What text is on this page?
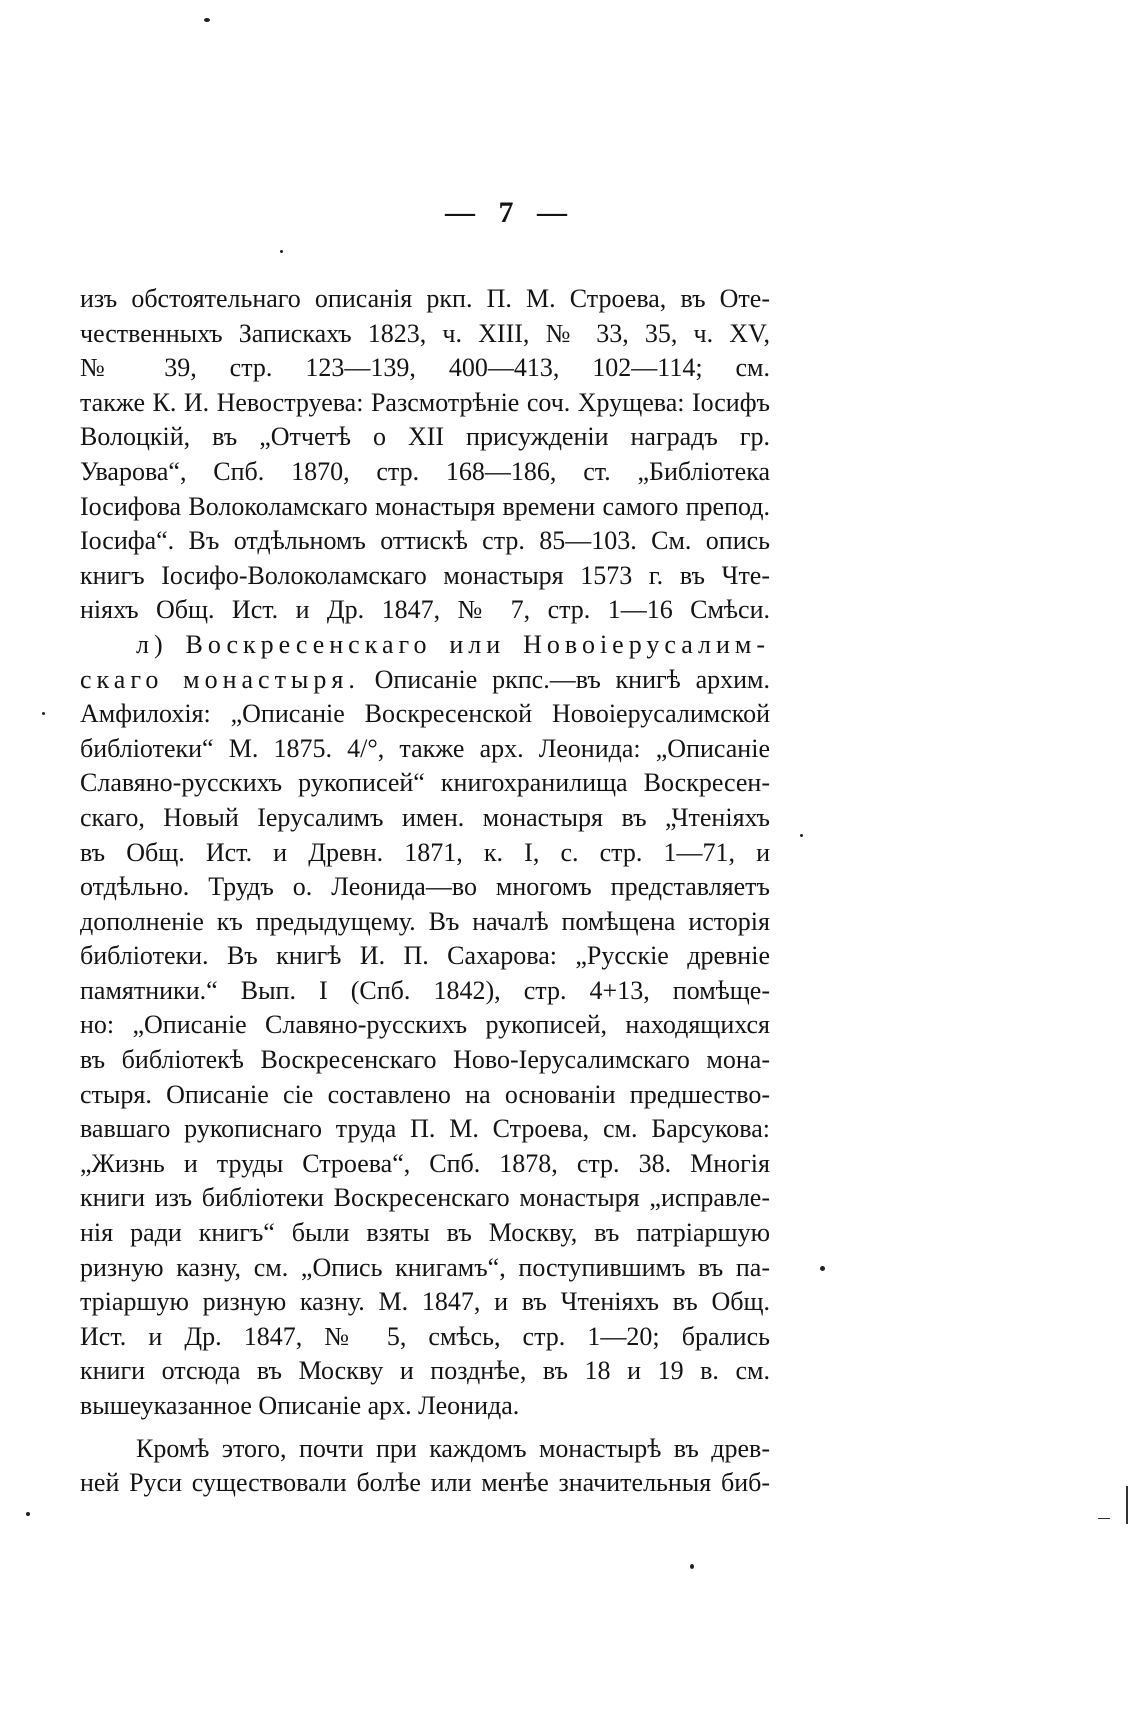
— 7 —
изъ обстоятельнаго описанія ркп. П. М. Строева, въ Оте-
чественныхъ Запискахъ 1823, ч. XIII, № 33, 35, ч. XV,
№ 39, стр. 123—139, 400—413, 102—114; см.
также К. И. Невоструева: Разсмотрѣніе соч. Хрущева: Іосифъ
Волоцкій, въ „Отчетѣ о XII присужденіи наградъ гр.
Уварова“, Спб. 1870, стр. 168—186, ст. „Библіотека
Іосифова Волоколамскаго монастыря времени самого препод.
Іосифа“. Въ отдѣльномъ оттискѣ стр. 85—103. См. опись
книгъ Іосифо-Волоколамскаго монастыря 1573 г. въ Чте-
ніяхъ Общ. Ист. и Др. 1847, № 7, стр. 1—16 Смѣси.
л) Воскресенскаго или Новоіерусалим-
скаго монастыря. Описаніе ркпс.—въ книгѣ архим.
Амфилохія: „Описаніе Воскресенской Новоіерусалимской
библіотеки“ М. 1875. 4/°, также арх. Леонида: „Описаніе
Славяно-русскихъ рукописей“ книгохранилища Воскресен-
скаго, Новый Іерусалимъ имен. монастыря въ „Чтеніяхъ
въ Общ. Ист. и Древн. 1871, к. I, с. стр. 1—71, и
отдѣльно. Трудъ о. Леонида—во многомъ представляетъ
дополненіе къ предыдущему. Въ началѣ помѣщена исторія
библіотеки. Въ книгѣ И. П. Сахарова: „Русскіе древніе
памятники.“ Вып. I (Спб. 1842), стр. 4+13, помѣще-
но: „Описаніе Славяно-русскихъ рукописей, находящихся
въ библіотекѣ Воскресенскаго Ново-Іерусалимскаго мона-
стыря. Описаніе сіе составлено на основаніи предшество-
вавшаго рукописнаго труда П. М. Строева, см. Барсукова:
„Жизнь и труды Строева“, Спб. 1878, стр. 38. Многія
книги изъ библіотеки Воскресенскаго монастыря „исправле-
нія ради книгъ“ были взяты въ Москву, въ патріаршую
ризную казну, см. „Опись книгамъ“, поступившимъ въ па-
тріаршую ризную казну. М. 1847, и въ Чтеніяхъ въ Общ.
Ист. и Др. 1847, № 5, смѣсь, стр. 1—20; брались
книги отсюда въ Москву и позднѣе, въ 18 и 19 в. см.
вышеуказанное Описаніе арх. Леонида.
Кромѣ этого, почти при каждомъ монастырѣ въ древ-
ней Руси существовали болѣе или менѣе значительныя биб-
